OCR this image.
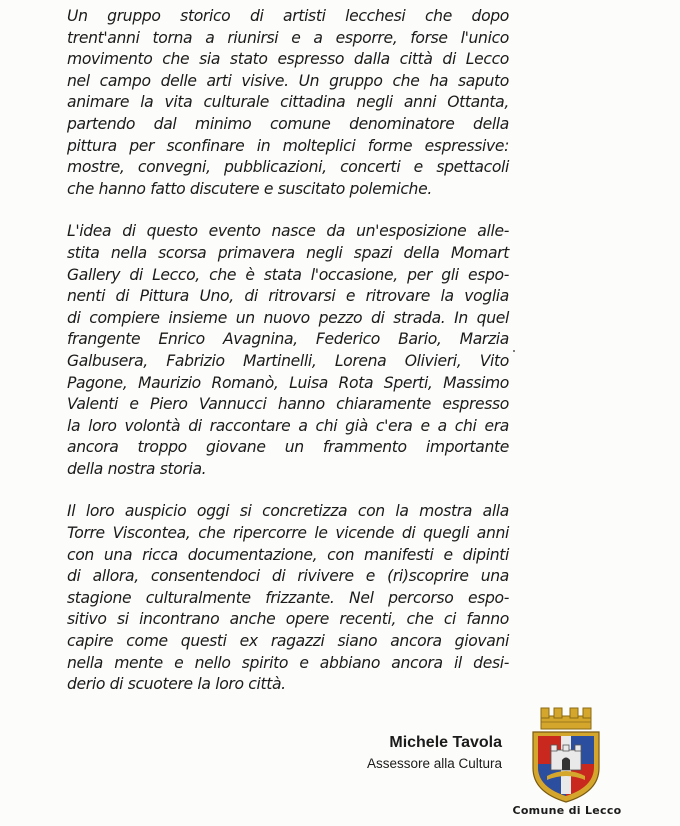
Un gruppo storico di artisti lecchesi che dopo
trent'anni torna a riunirsi e a esporre, forse l'unico
movimento che sia stato espresso dalla città di Lecco
nel campo delle arti visive. Un gruppo che ha saputo
animare la vita culturale cittadina negli anni Ottanta,
partendo dal minimo comune denominatore della
pittura per sconfinare in molteplici forme espressive:
mostre, convegni, pubblicazioni, concerti e spettacoli
che hanno fatto discutere e suscitato polemiche.

L'idea di questo evento nasce da un'esposizione alle-
stita nella scorsa primavera negli spazi della Momart
Gallery di Lecco, che è stata l'occasione, per gli espo-
nenti di Pittura Uno, di ritrovarsi e ritrovare la voglia
di compiere insieme un nuovo pezzo di strada. In quel
frangente Enrico Avagnina, Federico Bario, Marzia
Galbusera, Fabrizio Martinelli, Lorena Olivieri, Vito
Pagone, Maurizio Romanò, Luisa Rota Sperti, Massimo
Valenti e Piero Vannucci hanno chiaramente espresso
la loro volontà di raccontare a chi già c'era e a chi era
ancora troppo giovane un frammento importante
della nostra storia.

Il loro auspicio oggi si concretizza con la mostra alla
Torre Viscontea, che ripercorre le vicende di quegli anni
con una ricca documentazione, con manifesti e dipinti
di allora, consentendoci di rivivere e (ri)scoprire una
stagione culturalmente frizzante. Nel percorso espo-
sitivo si incontrano anche opere recenti, che ci fanno
capire come questi ex ragazzi siano ancora giovani
nella mente e nello spirito e abbiano ancora il desi-
derio di scuotere la loro città.

Michele Tavola
Assessore alla Cultura
Comune di Lecco
